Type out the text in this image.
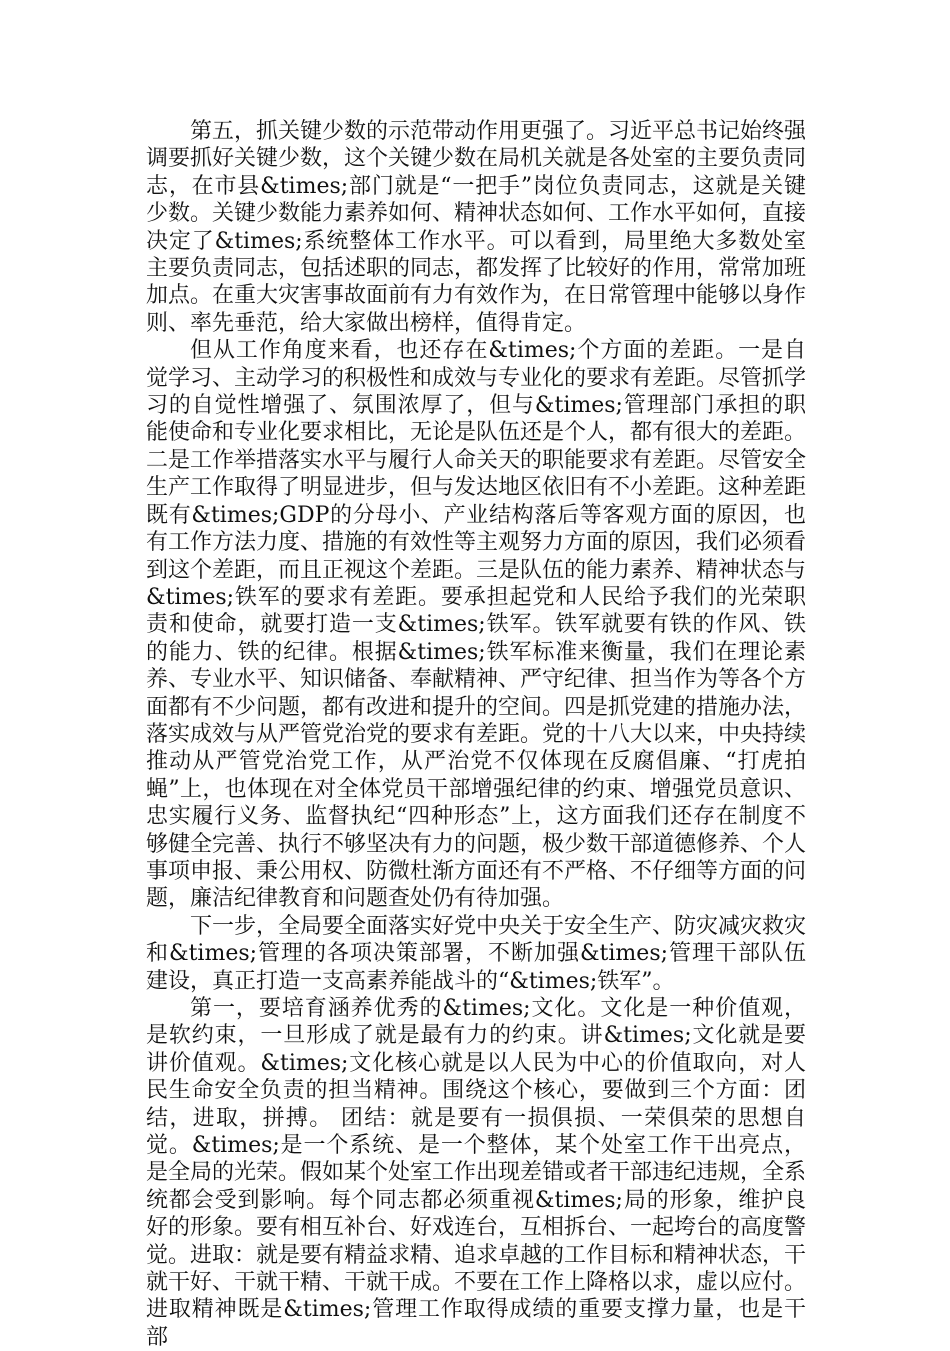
第五，抓关键少数的示范带动作用更强了。习近平总书记始终强调要抓好关键少数，这个关键少数在局机关就是各处室的主要负责同志，在市县&times;部门就是“一把手”岗位负责同志，这就是关键少数。关键少数能力素养如何、精神状态如何、工作水平如何，直接决定了&times;系统整体工作水平。可以看到，局里绝大多数处室主要负责同志，包括述职的同志，都发挥了比较好的作用，常常加班加点。在重大灾害事故面前有力有效作为，在日常管理中能够以身作则、率先垂范，给大家做出榜样，值得肯定。

但从工作角度来看，也还存在&times;个方面的差距。一是自觉学习、主动学习的积极性和成效与专业化的要求有差距。尽管抓学习的自觉性增强了、氛围浓厚了，但与&times;管理部门承担的职能使命和专业化要求相比，无论是队伍还是个人，都有很大的差距。二是工作举措落实水平与履行人命关天的职能要求有差距。尽管安全生产工作取得了明显进步，但与发达地区依旧有不小差距。这种差距既有&times;GDP的分母小、产业结构落后等客观方面的原因，也有工作方法力度、措施的有效性等主观努力方面的原因，我们必须看到这个差距，而且正视这个差距。三是队伍的能力素养、精神状态与&times;铁军的要求有差距。要承担起党和人民给予我们的光荣职责和使命，就要打造一支&times;铁军。铁军就要有铁的作风、铁的能力、铁的纪律。根据&times;铁军标准来衡量，我们在理论素养、专业水平、知识储备、奉献精神、严守纪律、担当作为等各个方面都有不少问题，都有改进和提升的空间。四是抓党建的措施办法，落实成效与从严管党治党的要求有差距。党的十八大以来，中央持续推动从严管党治党工作，从严治党不仅体现在反腐倡廉、“打虎拍蝇”上，也体现在对全体党员干部增强纪律的约束、增强党员意识、忠实履行义务、监督执纪“四种形态”上，这方面我们还存在制度不够健全完善、执行不够坚决有力的问题，极少数干部道德修养、个人事项申报、秉公用权、防微杜渐方面还有不严格、不仔细等方面的问题，廉洁纪律教育和问题查处仍有待加强。

下一步，全局要全面落实好党中央关于安全生产、防灾减灾救灾和&times;管理的各项决策部署，不断加强&times;管理干部队伍建设，真正打造一支高素养能战斗的“&times;铁军”。

第一，要培育涵养优秀的&times;文化。文化是一种价值观，是软约束，一旦形成了就是最有力的约束。讲&times;文化就是要讲价值观。&times;文化核心就是以人民为中心的价值取向，对人民生命安全负责的担当精神。围绕这个核心，要做到三个方面：团结，进取，拼搏。 团结：就是要有一损俱损、一荣俱荣的思想自觉。&times;是一个系统、是一个整体，某个处室工作干出亮点，是全局的光荣。假如某个处室工作出现差错或者干部违纪违规，全系统都会受到影响。每个同志都必须重视&times;局的形象，维护良好的形象。要有相互补台、好戏连台，互相拆台、一起垮台的高度警觉。进取：就是要有精益求精、追求卓越的工作目标和精神状态，干就干好、干就干精、干就干成。不要在工作上降格以求，虚以应付。进取精神既是&times;管理工作取得成绩的重要支撑力量，也是干部
